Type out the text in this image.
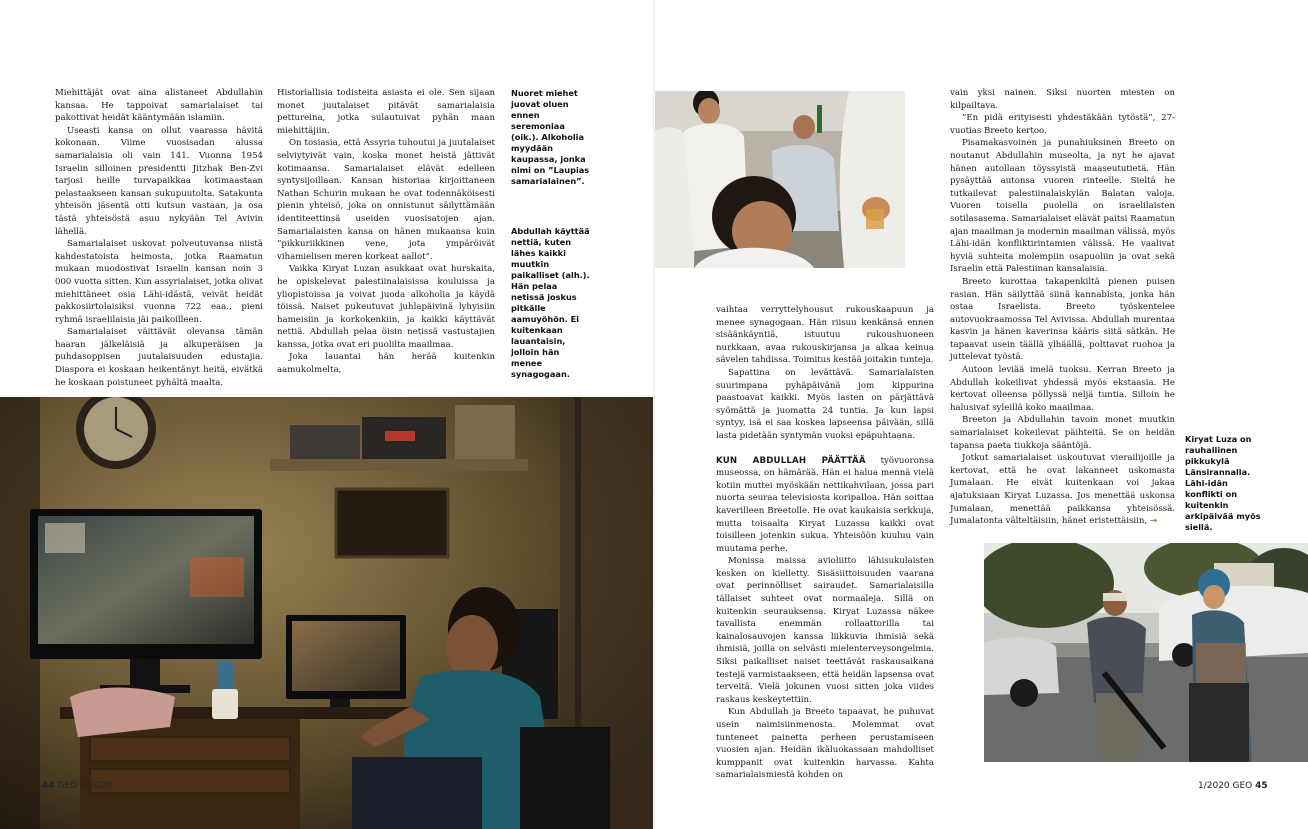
Miehittäjät ovat aina alistaneet Abdullahin kansaa. He tappoivat samarialaiset tai pakottivat heidät kääntymään islamiin.

Useasti kansa on ollut vaarassa hävitä kokonaan. Viime vuosisadan alussa samarialaisia oli vain 141. Vuonna 1954 Israelin silloinen presidentti Jitzhak Ben-Zvi tarjosi heille turvapaikkaa kotimaastaan pelastaakseen kansan sukupuutolta. Satakunta yhteisön jäsentä otti kutsun vastaan, ja osa tästä yhteisöstä asuu nykyään Tel Avivin lähellä.

Samarialaiset uskovat polveutuvansa niistä kahdestatoista heimosta, jotka Raamatun mukaan muodostivat Israelin kansan noin 3 000 vuotta sitten. Kun assyrialaiset, jotka olivat miehittäneet osia Lähi-idästä, veivät heidät pakkosiirtolaisiksi vuonna 722 eaa., pieni ryhmä israelilaisia jäi paikoilleen.

Samarialaiset väittävät olevansa tämän haaran jälkeläisiä ja alkuperäisen ja puhdasoppisen juutalaisuuden edustajia. Diaspora ei koskaan heikentänyt heitä, eivätkä he koskaan poistuneet pyhältä maalta.

Historiallisia todisteita asiasta ei ole. Sen sijaan monet juutalaiset pitävät samarialaisia pettureina, jotka sulautuivat pyhän maan miehittäjiin.

On tosiasia, että Assyria tuhoutui ja juutalaiset selviytyivät vain, koska monet heistä jättivät kotimaansa. Samarialaiset elävät edelleen syntysijoillaan. Kansan historiaa kirjoittaneen Nathan Schurin mukaan he ovat todennäköisesti pienin yhteisö, joka on onnistunut säilyttämään identiteettinsä useiden vuosisatojen ajan. Samarialaisten kansa on hänen mukaansa kuin ”pikkuriikkinen vene, jota ympäröivät vihamielisen meren korkeat aallot”.

Vaikka Kiryat Luzan asukkaat ovat hurskaita, he opiskelevat palestiinalaisissa kouluissa ja yliopistoissa ja voivat juoda alkoholia ja käydä töissä. Naiset pukeutuvat juhlapäivinä lyhyisiin hameisiin ja korkokenkiin, ja kaikki käyttävät nettiä. Abdullah pelaa öisin netissä vastustajien kanssa, jotka ovat eri puolilta maailmaa.

Joka lauantai hän herää kuitenkin aamukolmelta,

Nuoret miehet juovat oluen ennen seremoniaa (oik.). Alkoholia myydään kaupassa, jonka nimi on ”Laupias samarialainen”.
Abdullah käyttää nettiä, kuten lähes kaikki muutkin paikalliset (alh.). Hän pelaa netissä joskus pitkälle aamuyöhön. Ei kuitenkaan lauantaisin, jolloin hän menee synagogaan.

vaihtaa verryttelyhousut rukouskaapuun ja menee synagogaan. Hän riisuu kenkänsä ennen sisäänkäyntiä, istuutuu rukoushuoneen nurkkaan, avaa rukouskirjansa ja alkaa keinua sävelen tahdissa. Toimitus kestää joitakin tunteja.

Sapattina on levättävä. Samarialaisten suurimpana pyhäpäivänä jom kippurina paastoavat kaikki. Myös lasten on pärjättävä syömättä ja juomatta 24 tuntia. Ja kun lapsi syntyy, isä ei saa koskea lapseensa päivään, sillä lasta pidetään syntymän vuoksi epäpuhtaana.

KUN ABDULLAH PÄÄTTÄÄ työvuoronsa museossa, on hämärää. Hän ei halua mennä vielä kotiin muttei myöskään nettikahvilaan, jossa pari nuorta seuraa televisiosta koripalloa. Hän soittaa kaverilleen Breetolle. He ovat kaukaisia serkkuja, mutta toisaalta Kiryat Luzassa kaikki ovat toisilleen jotenkin sukua. Yhteisöön kuuluu vain muutama perhe.

Monissa maissa avioliitto lähisukulaisten kesken on kielletty. Sisäsiittoisuuden vaarana ovat perinnölliset sairaudet. Samarialaisilla tällaiset suhteet ovat normaaleja. Sillä on kuitenkin seurauksensa. Kiryat Luzassa näkee tavallista enemmän rollaattorilla tai kainalosauvojen kanssa liikkuvia ihmisiä sekä ihmisiä, joilla on selvästi mielenterveysongelmia. Siksi paikalliset naiset teettävät raskausaikana testejä varmistaakseen, että heidän lapsensa ovat terveitä. Vielä jokunen vuosi sitten joka viides raskaus keskeytettiin.

Kun Abdullah ja Breeto tapaavat, he puhuvat usein naimisiinmenosta. Molemmat ovat tunteneet painetta perheen perustamiseen vuosien ajan. Heidän ikäluokassaan mahdolliset kumppanit ovat kuitenkin harvassa. Kahta samarialaismiestä kohden on

vain yksi nainen. Siksi nuorten miesten on kilpailtava.

”En pidä erityisesti yhdestäkään tytöstä”, 27-vuotias Breeto kertoo.

Pisamakasvoinen ja punahiuksinen Breeto on noutanut Abdullahin museolta, ja nyt he ajavat hänen autollaan töyssyistä maaseututietä. Hän pysäyttää autonsa vuoren rinteelle. Sieltä he tutkailevat palestiinalaiskylän Balatan valoja. Vuoren toisella puolella on israelilaisten sotilasasema. Samarialaiset elävät paitsi Raamatun ajan maailman ja modernin maailman välissä, myös Lähi-idän konfliktirintamien välissä. He vaalivat hyviä suhteita molempiin osapuoliin ja ovat sekä Israelin että Palestiinan kansalaisia.

Breeto kurottaa takapenkiltä pienen puisen rasian. Hän säilyttää siinä kannabista, jonka hän ostaa Israelista. Breeto työskentelee autovuokraamossa Tel Avivissa. Abdullah murentaa kasvin ja hänen kaverinsa kääris siitä sätkän. He tapaavat usein täällä ylhäällä, polttavat ruohoa ja juttelevat työstä.

Autoon leviää imelä tuoksu. Kerran Breeto ja Abdullah kokeilivat yhdessä myös ekstaasia. He kertovat olleensa pöllyssä neljä tuntia. Silloin he halusivat syleillä koko maailmaa.

Breeton ja Abdullahin tavoin monet muutkin samarialaiset kokeilevat päihteitä. Se on heidän tapansa paeta tiukkoja sääntöjä.

Jotkut samarialaiset uskoutuvat vierailijoille ja kertovat, että he ovat lakanneet uskomasta Jumalaan. He eivät kuitenkaan voi jakaa ajatuksiaan Kiryat Luzassa. Jos menettää uskonsa Jumalaan, menettää paikkansa yhteisössä. Jumalatonta välteltäisiin, hänet eristettäisiin, →

Kiryat Luza on rauhallinen pikkukylä Länsirannalla. Lähi-idän konflikti on kuitenkin arkipäivää myös siellä.
44 GEO 1/2020	1/2020 GEO 45
